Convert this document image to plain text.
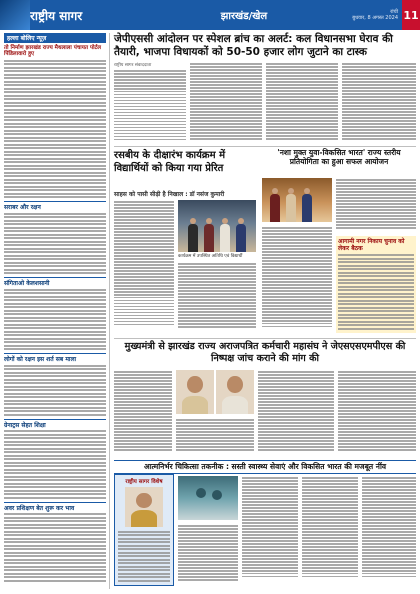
राष्ट्रीय सागर	झारखंड/खेल	रांची
बुधवार, 8 अगस्त 2024 11
हल्ला बोलिए न्यूज़
तो निर्माण झारखंड राज्य मैथलाला पंचायत पोर्टल पिंडिलावारो हुए
सराबर और रक्षन
संगिताओ केलशसानी
लोगों को रक्षन इस शर्त सब माला
ग्रेनाट्रस सेहत शिक्षा
अवर प्रशिक्षण बेत शुरू कर भाव
जेपीएससी आंदोलन पर स्पेशल ब्रांच का अलर्ट: कल विधानसभा घेराव की तैयारी, भाजपा विधायकों को 50-50 हजार लोग जुटाने का टास्क
राष्ट्रीय सागर संवाददाता
रसबीय के दीक्षारंभ कार्यक्रम में विद्यार्थियों को किया गया प्रेरित
साहस को पासी सीढ़ी है निखाल : डॉ नसंज कुमारी
कार्यक्रम में उपस्थित अतिथि एवं विद्यार्थी
'नशा मुक्त युवा-विकसित भारत' राज्य स्तरीय प्रतियोगिता का हुआ सफल आयोजन
आगामी नगर निकाय चुनाव को लेकर बैठक
मुख्यमंत्री से झारखंड राज्य अराजपत्रित कर्मचारी महासंघ ने जेएसएसएमपीएस की निष्पक्ष जांच कराने की मांग की
आत्मनिर्भर चिकित्सा तकनीक : सस्ती स्वास्थ्य सेवाएं और विकसित भारत की मजबूत नींव
राष्ट्रीय सागर विशेष
